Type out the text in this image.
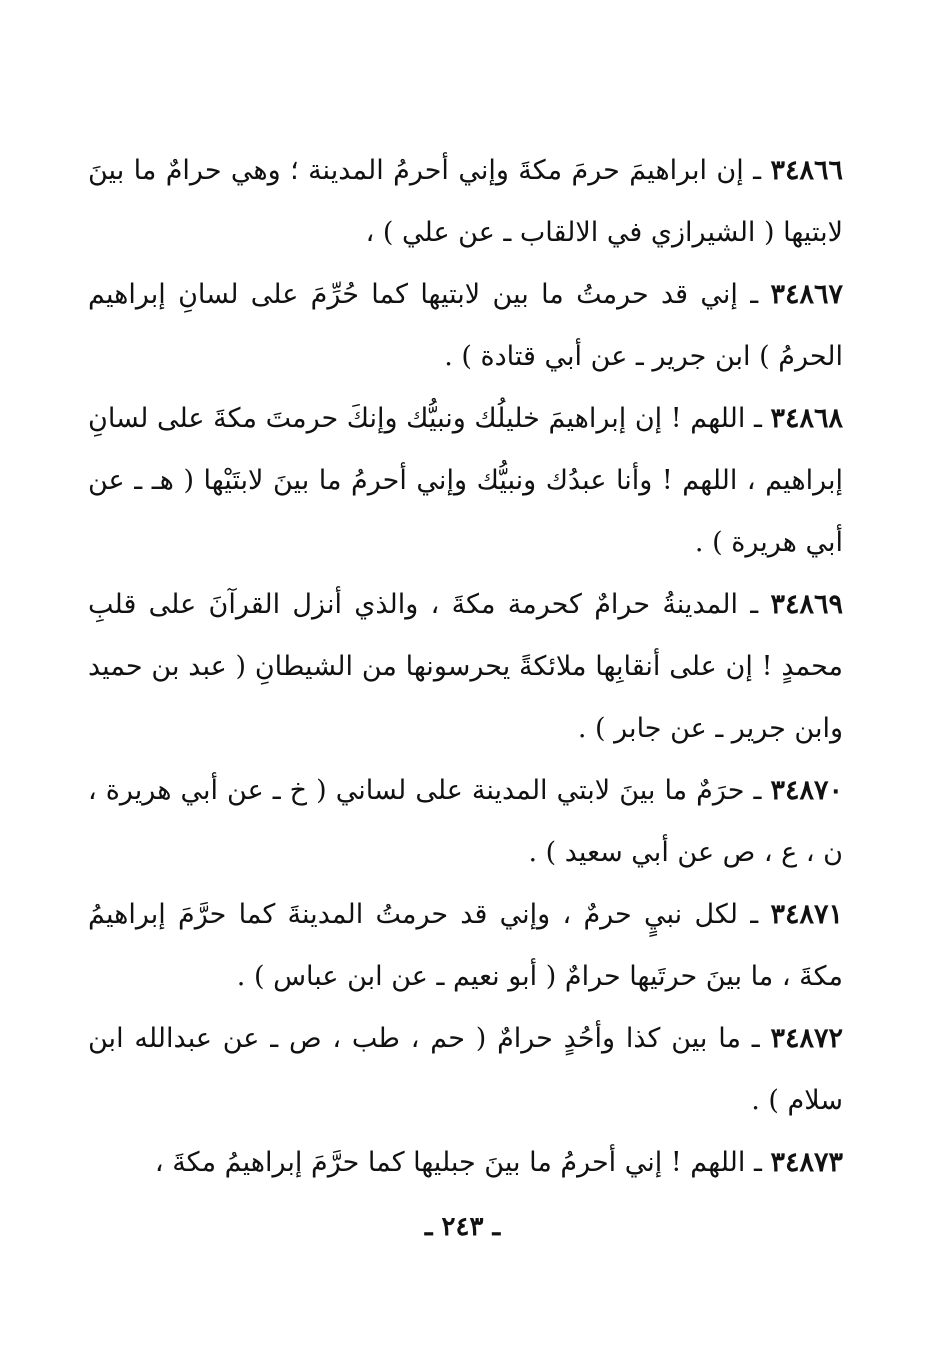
٣٤٨٦٦ ـ إن ابراهيمَ حرمَ مكةَ وإني أحرمُ المدينة ؛ وهي حرامٌ ما بينَ لابتيها ( الشيرازي في الالقاب ـ عن علي ) ،

٣٤٨٦٧ ـ إني قد حرمتُ ما بين لابتيها كما حُرِّمَ على لسانِ إبراهيم الحرمُ ) ابن جرير ـ عن أبي قتادة ) .

٣٤٨٦٨ ـ اللهم ! إن إبراهيمَ خليلُك ونبيُّك وإنكَ حرمتَ مكةَ على لسانِ إبراهيم ، اللهم ! وأنا عبدُك ونبيُّك وإني أحرمُ ما بينَ لابتَيْها ( هـ ـ عن أبي هريرة ) .

٣٤٨٦٩ ـ المدينةُ حرامٌ كحرمة مكةَ ، والذي أنزل القرآنَ على قلبِ محمدٍ ! إن على أنقابِها ملائكةً يحرسونها من الشيطانِ ( عبد بن حميد وابن جرير ـ عن جابر ) .

٣٤٨٧٠ ـ حرَمٌ ما بينَ لابتي المدينة على لساني ( خ ـ عن أبي هريرة ، ن ، ع ، ص عن أبي سعيد ) .

٣٤٨٧١ ـ لكل نبيٍ حرمٌ ، وإني قد حرمتُ المدينةَ كما حرَّمَ إبراهيمُ مكةَ ، ما بينَ حرتَيها حرامٌ ( أبو نعيم ـ عن ابن عباس ) .

٣٤٨٧٢ ـ ما بين كذا وأحُدٍ حرامٌ ( حم ، طب ، ص ـ عن عبدالله ابن سلام ) .

٣٤٨٧٣ ـ اللهم ! إني أحرمُ ما بينَ جبليها كما حرَّمَ إبراهيمُ مكةَ ،

ـ ٢٤٣ ـ
